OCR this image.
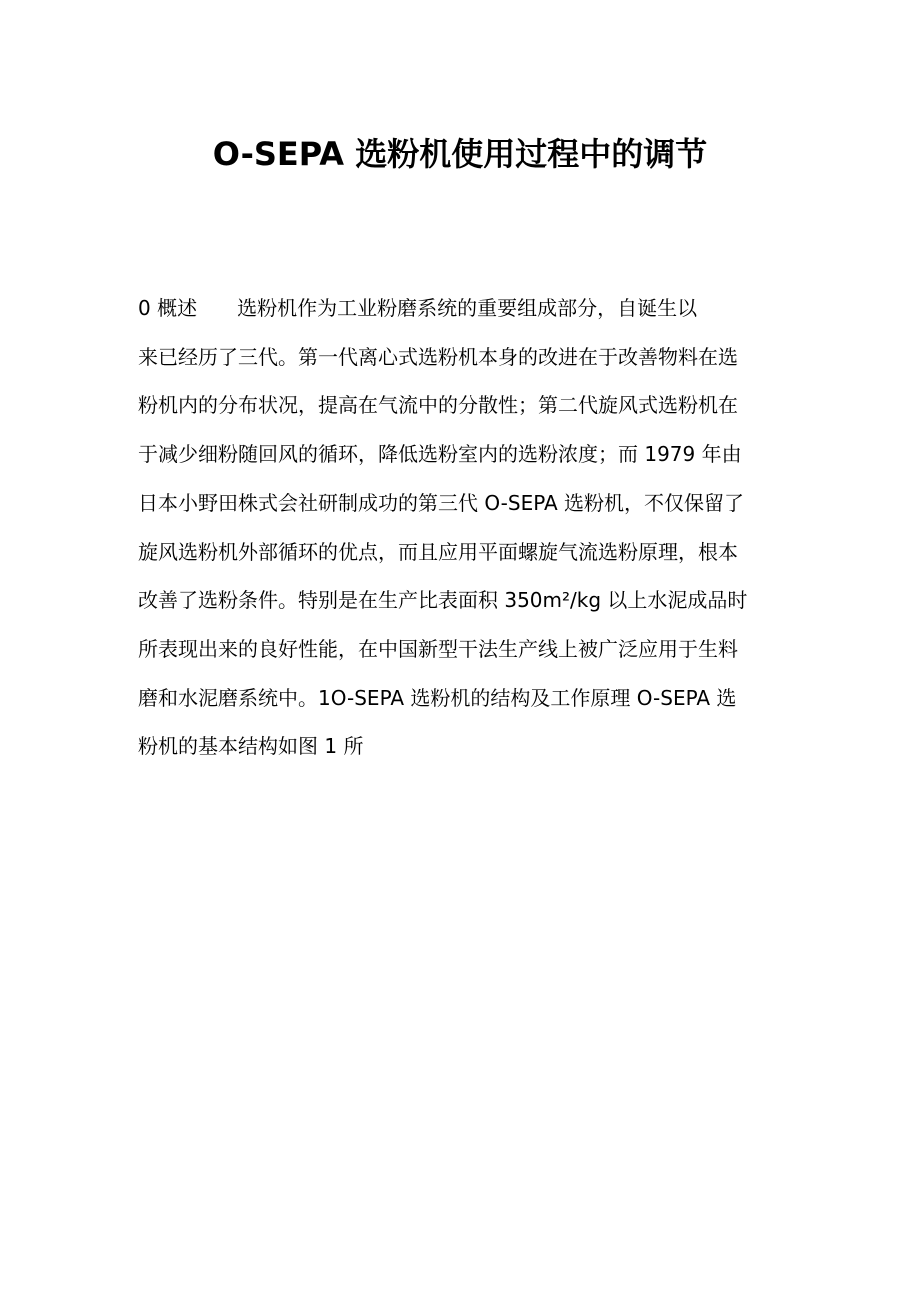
O-SEPA 选粉机使用过程中的调节
0 概述 选粉机作为工业粉磨系统的重要组成部分，自诞生以
来已经历了三代。第一代离心式选粉机本身的改进在于改善物料在选
粉机内的分布状况，提高在气流中的分散性；第二代旋风式选粉机在
于减少细粉随回风的循环，降低选粉室内的选粉浓度；而 1979 年由
日本小野田株式会社研制成功的第三代 O-SEPA 选粉机，不仅保留了
旋风选粉机外部循环的优点，而且应用平面螺旋气流选粉原理，根本
改善了选粉条件。特别是在生产比表面积 350m²/kg 以上水泥成品时
所表现出来的良好性能，在中国新型干法生产线上被广泛应用于生料
磨和水泥磨系统中。1O-SEPA 选粉机的结构及工作原理 O-SEPA 选
粉机的基本结构如图 1 所
